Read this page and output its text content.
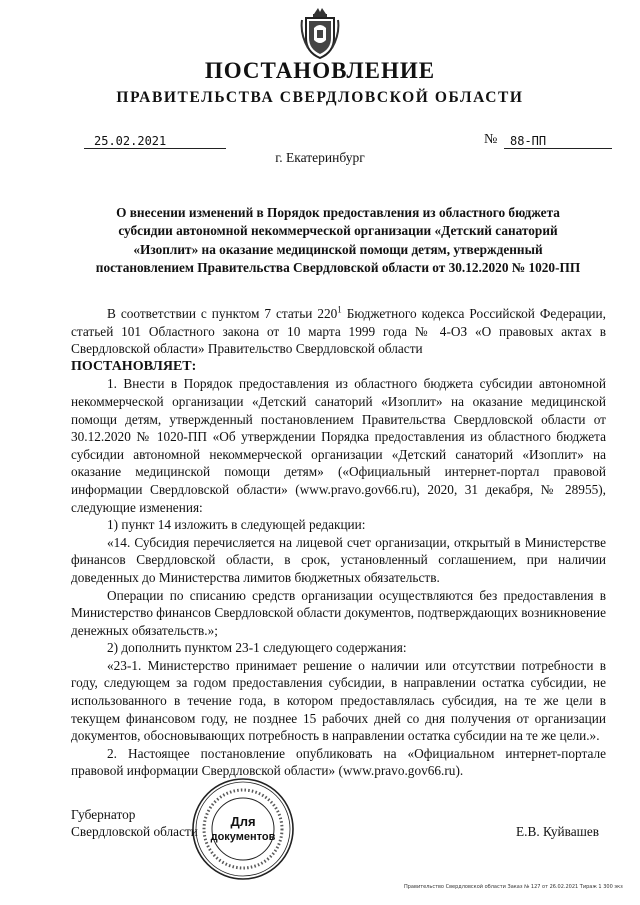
ПОСТАНОВЛЕНИЕ
ПРАВИТЕЛЬСТВА СВЕРДЛОВСКОЙ ОБЛАСТИ
25.02.2021	№	88-ПП
г. Екатеринбург
О внесении изменений в Порядок предоставления из областного бюджета
субсидии автономной некоммерческой организации «Детский санаторий
«Изоплит» на оказание медицинской помощи детям, утвержденный
постановлением Правительства Свердловской области от 30.12.2020 № 1020-ПП

В соответствии с пунктом 7 статьи $220^1$ Бюджетного кодекса Российской Федерации, статьей 101 Областного закона от 10 марта 1999 года № 4-ОЗ «О правовых актах в Свердловской области» Правительство Свердловской области

ПОСТАНОВЛЯЕТ:

1. Внести в Порядок предоставления из областного бюджета субсидии автономной некоммерческой организации «Детский санаторий «Изоплит» на оказание медицинской помощи детям, утвержденный постановлением Правительства Свердловской области от 30.12.2020 № 1020-ПП «Об утверждении Порядка предоставления из областного бюджета субсидии автономной некоммерческой организации «Детский санаторий «Изоплит» на оказание медицинской помощи детям» («Официальный интернет-портал правовой информации Свердловской области» (www.pravo.gov66.ru), 2020, 31 декабря, № 28955), следующие изменения:

1) пункт 14 изложить в следующей редакции:

«14. Субсидия перечисляется на лицевой счет организации, открытый в Министерстве финансов Свердловской области, в срок, установленный соглашением, при наличии доведенных до Министерства лимитов бюджетных обязательств.

Операции по списанию средств организации осуществляются без предоставления в Министерство финансов Свердловской области документов, подтверждающих возникновение денежных обязательств.»;

2) дополнить пунктом 23-1 следующего содержания:

«23-1. Министерство принимает решение о наличии или отсутствии потребности в году, следующем за годом предоставления субсидии, в направлении остатка субсидии, не использованного в течение года, в котором предоставлялась субсидия, на те же цели в текущем финансовом году, не позднее 15 рабочих дней со дня получения от организации документов, обосновывающих потребность в направлении остатка субсидии на те же цели.».

2. Настоящее постановление опубликовать на «Официальном интернет-портале правовой информации Свердловской области» (www.pravo.gov66.ru).

Губернатор
Свердловской области	Е.В. Куйвашев
Для
документов
Правительство Свердловской области Заказ № 127 от 26.02.2021 Тираж 1 300 экз
